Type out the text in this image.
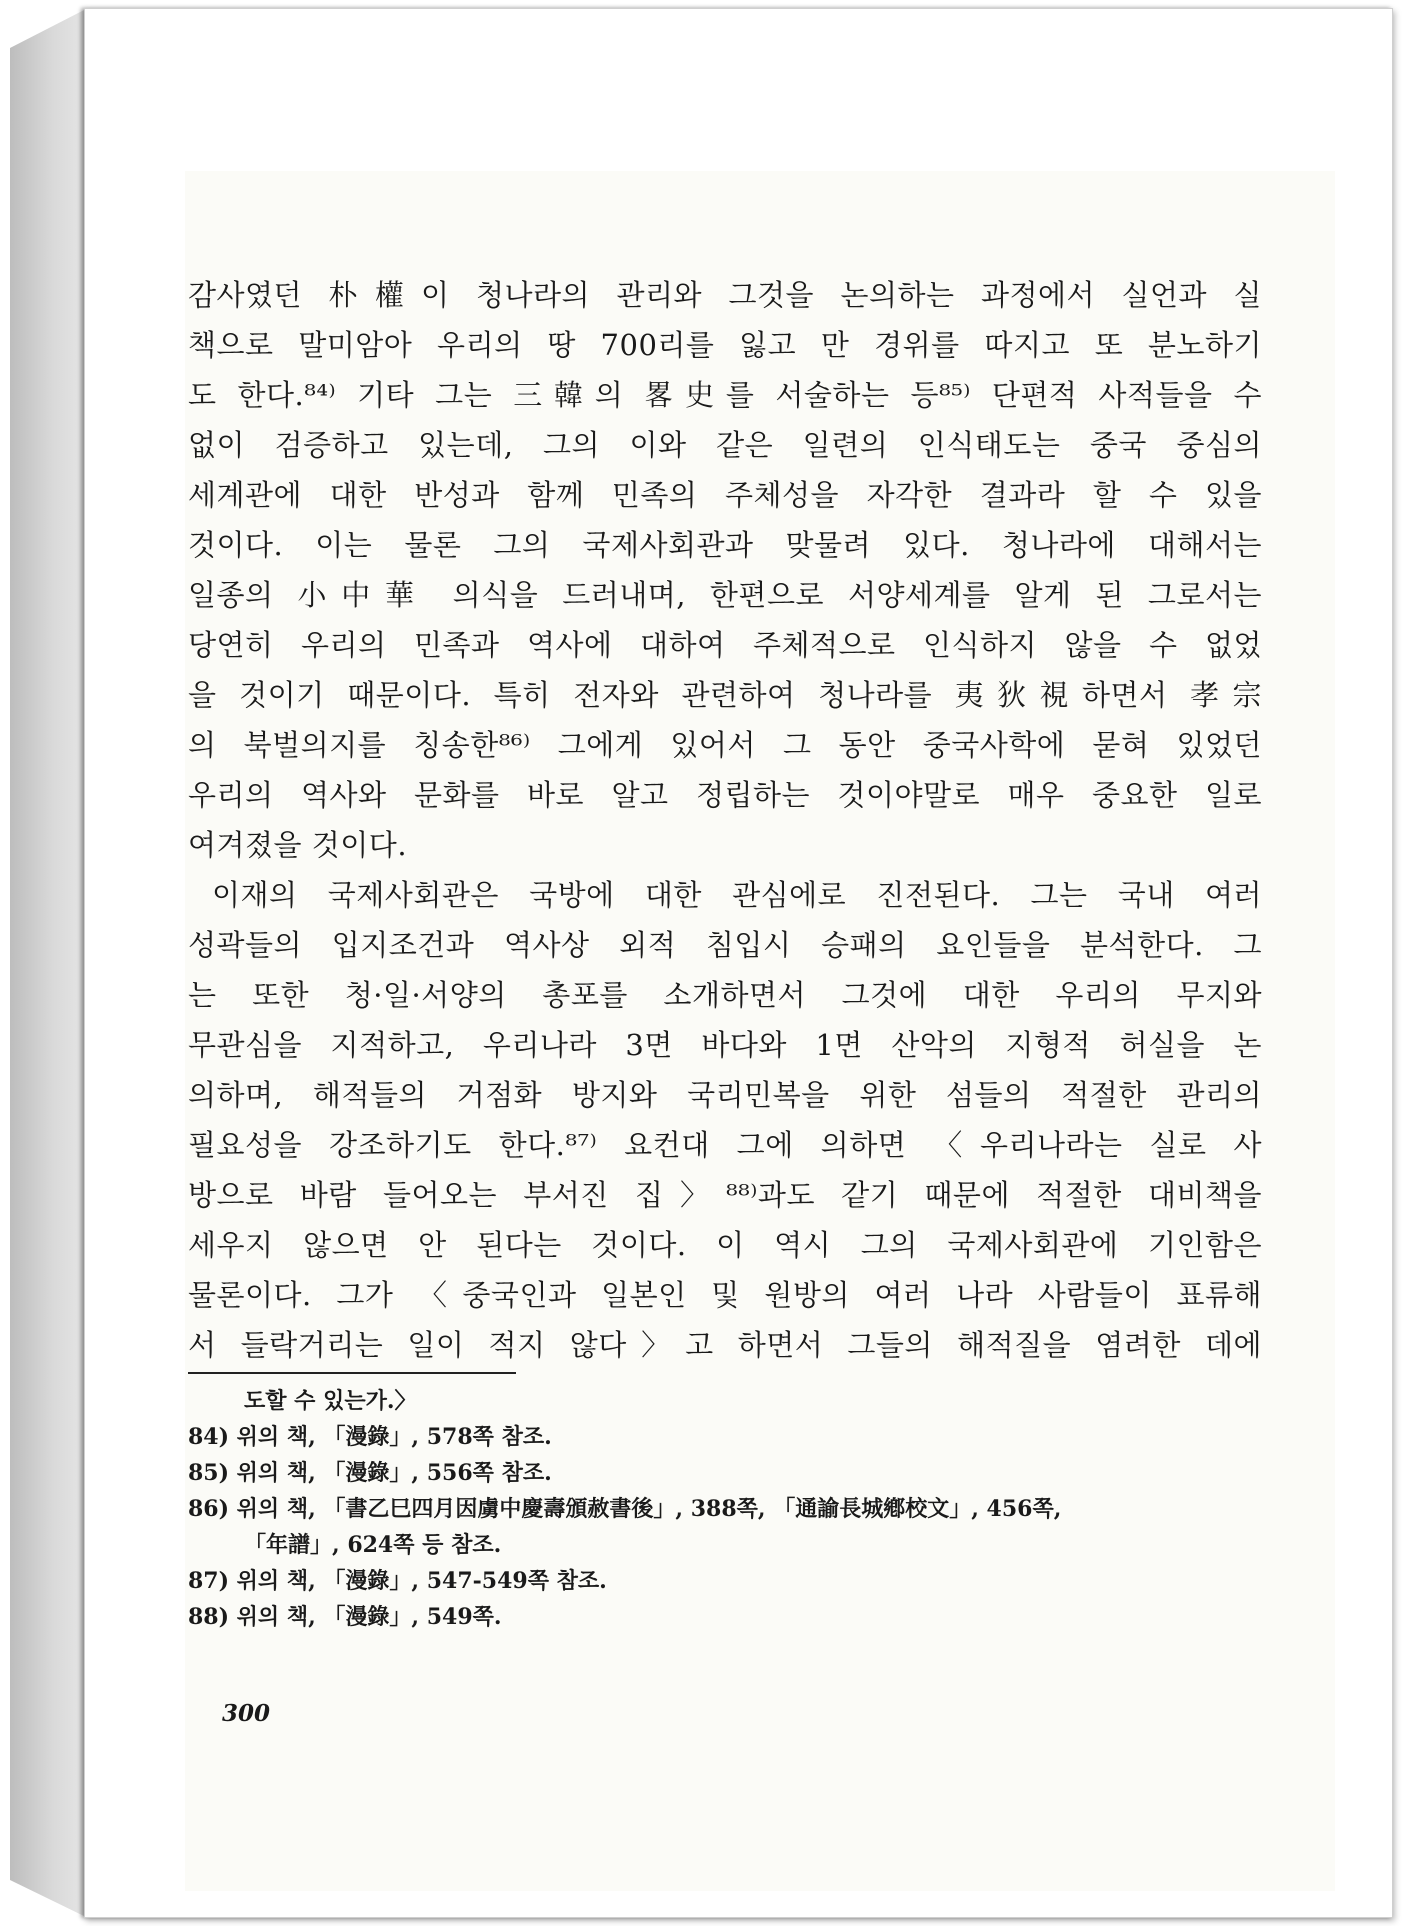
감사였던 朴權이 청나라의 관리와 그것을 논의하는 과정에서 실언과 실
책으로 말미암아 우리의 땅 700리를 잃고 만 경위를 따지고 또 분노하기
도 한다.⁸⁴⁾ 기타 그는 三韓의 畧史를 서술하는 등⁸⁵⁾ 단편적 사적들을 수
없이 검증하고 있는데, 그의 이와 같은 일련의 인식태도는 중국 중심의
세계관에 대한 반성과 함께 민족의 주체성을 자각한 결과라 할 수 있을
것이다. 이는 물론 그의 국제사회관과 맞물려 있다. 청나라에 대해서는
일종의 小中華 의식을 드러내며, 한편으로 서양세계를 알게 된 그로서는
당연히 우리의 민족과 역사에 대하여 주체적으로 인식하지 않을 수 없었
을 것이기 때문이다. 특히 전자와 관련하여 청나라를 夷狄視하면서 孝宗
의 북벌의지를 칭송한⁸⁶⁾ 그에게 있어서 그 동안 중국사학에 묻혀 있었던
우리의 역사와 문화를 바로 알고 정립하는 것이야말로 매우 중요한 일로
여겨졌을 것이다.
이재의 국제사회관은 국방에 대한 관심에로 진전된다. 그는 국내 여러
성곽들의 입지조건과 역사상 외적 침입시 승패의 요인들을 분석한다. 그
는 또한 청·일·서양의 총포를 소개하면서 그것에 대한 우리의 무지와
무관심을 지적하고, 우리나라 3면 바다와 1면 산악의 지형적 허실을 논
의하며, 해적들의 거점화 방지와 국리민복을 위한 섬들의 적절한 관리의
필요성을 강조하기도 한다.⁸⁷⁾ 요컨대 그에 의하면 〈우리나라는 실로 사
방으로 바람 들어오는 부서진 집〉⁸⁸⁾과도 같기 때문에 적절한 대비책을
세우지 않으면 안 된다는 것이다. 이 역시 그의 국제사회관에 기인함은
물론이다. 그가 〈중국인과 일본인 및 원방의 여러 나라 사람들이 표류해
서 들락거리는 일이 적지 않다〉고 하면서 그들의 해적질을 염려한 데에
도할 수 있는가.〉
84) 위의 책, 「漫錄」, 578쪽 참조.
85) 위의 책, 「漫錄」, 556쪽 참조.
86) 위의 책, 「書乙巳四月因虜中慶壽頒赦書後」, 388쪽, 「通諭長城鄕校文」, 456쪽,
「年譜」, 624쪽 등 참조.
87) 위의 책, 「漫錄」, 547-549쪽 참조.
88) 위의 책, 「漫錄」, 549쪽.
300
